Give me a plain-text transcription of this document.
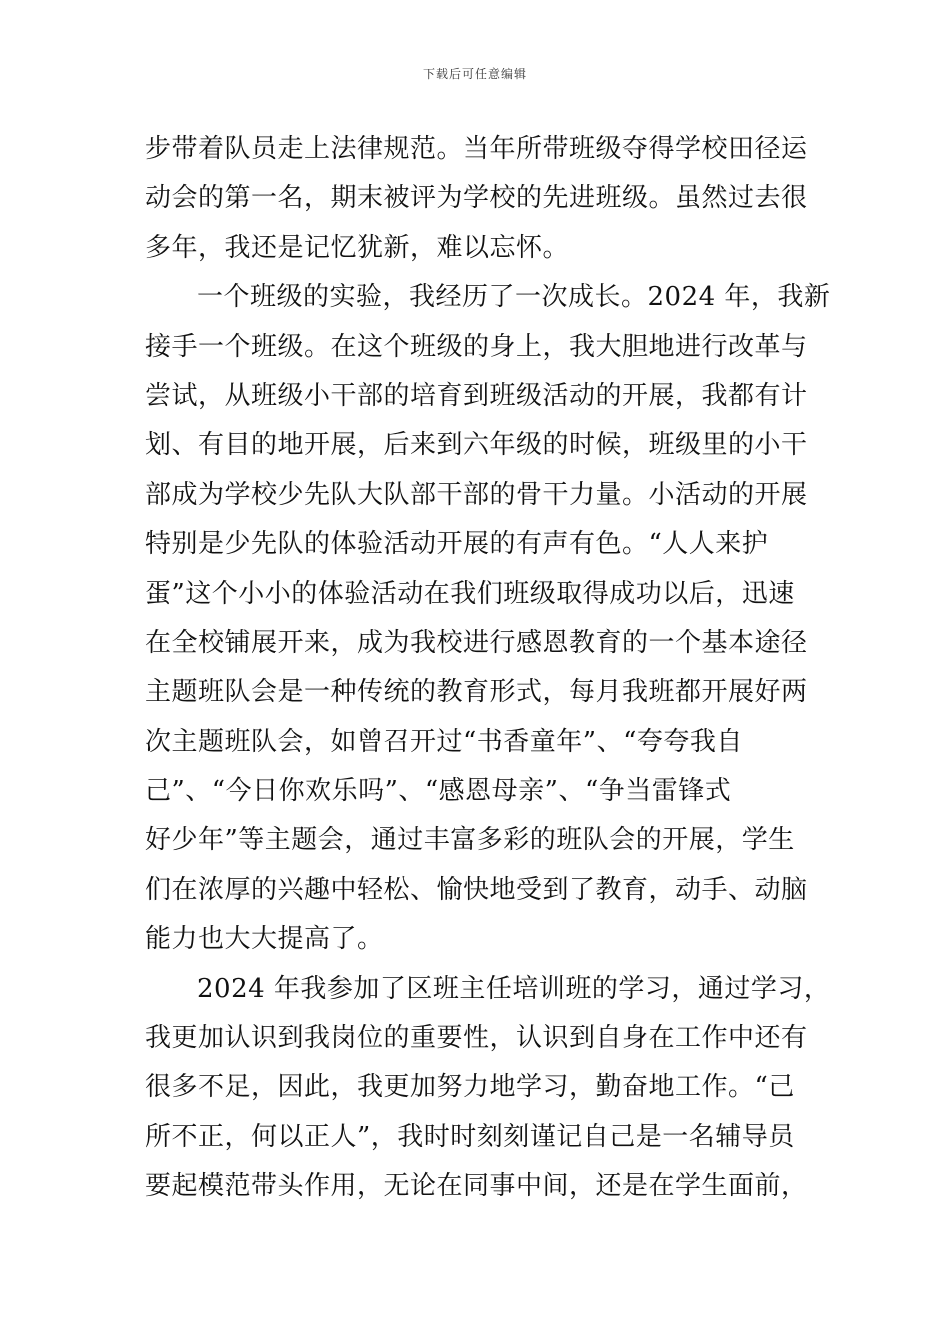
下载后可任意编辑
步带着队员走上法律规范。当年所带班级夺得学校田径运
动会的第一名，期末被评为学校的先进班级。虽然过去很
多年，我还是记忆犹新，难以忘怀。
一个班级的实验，我经历了一次成长。2024 年，我新
接手一个班级。在这个班级的身上，我大胆地进行改革与
尝试，从班级小干部的培育到班级活动的开展，我都有计
划、有目的地开展，后来到六年级的时候，班级里的小干
部成为学校少先队大队部干部的骨干力量。小活动的开展
特别是少先队的体验活动开展的有声有色。“人人来护
蛋”这个小小的体验活动在我们班级取得成功以后，迅速
在全校铺展开来，成为我校进行感恩教育的一个基本途径
主题班队会是一种传统的教育形式，每月我班都开展好两
次主题班队会，如曾召开过“书香童年”、“夸夸我自
己”、“今日你欢乐吗”、“感恩母亲”、“争当雷锋式
好少年”等主题会，通过丰富多彩的班队会的开展，学生
们在浓厚的兴趣中轻松、愉快地受到了教育，动手、动脑
能力也大大提高了。
2024 年我参加了区班主任培训班的学习，通过学习，
我更加认识到我岗位的重要性，认识到自身在工作中还有
很多不足，因此，我更加努力地学习，勤奋地工作。“己
所不正，何以正人”，我时时刻刻谨记自己是一名辅导员
要起模范带头作用，无论在同事中间，还是在学生面前，
